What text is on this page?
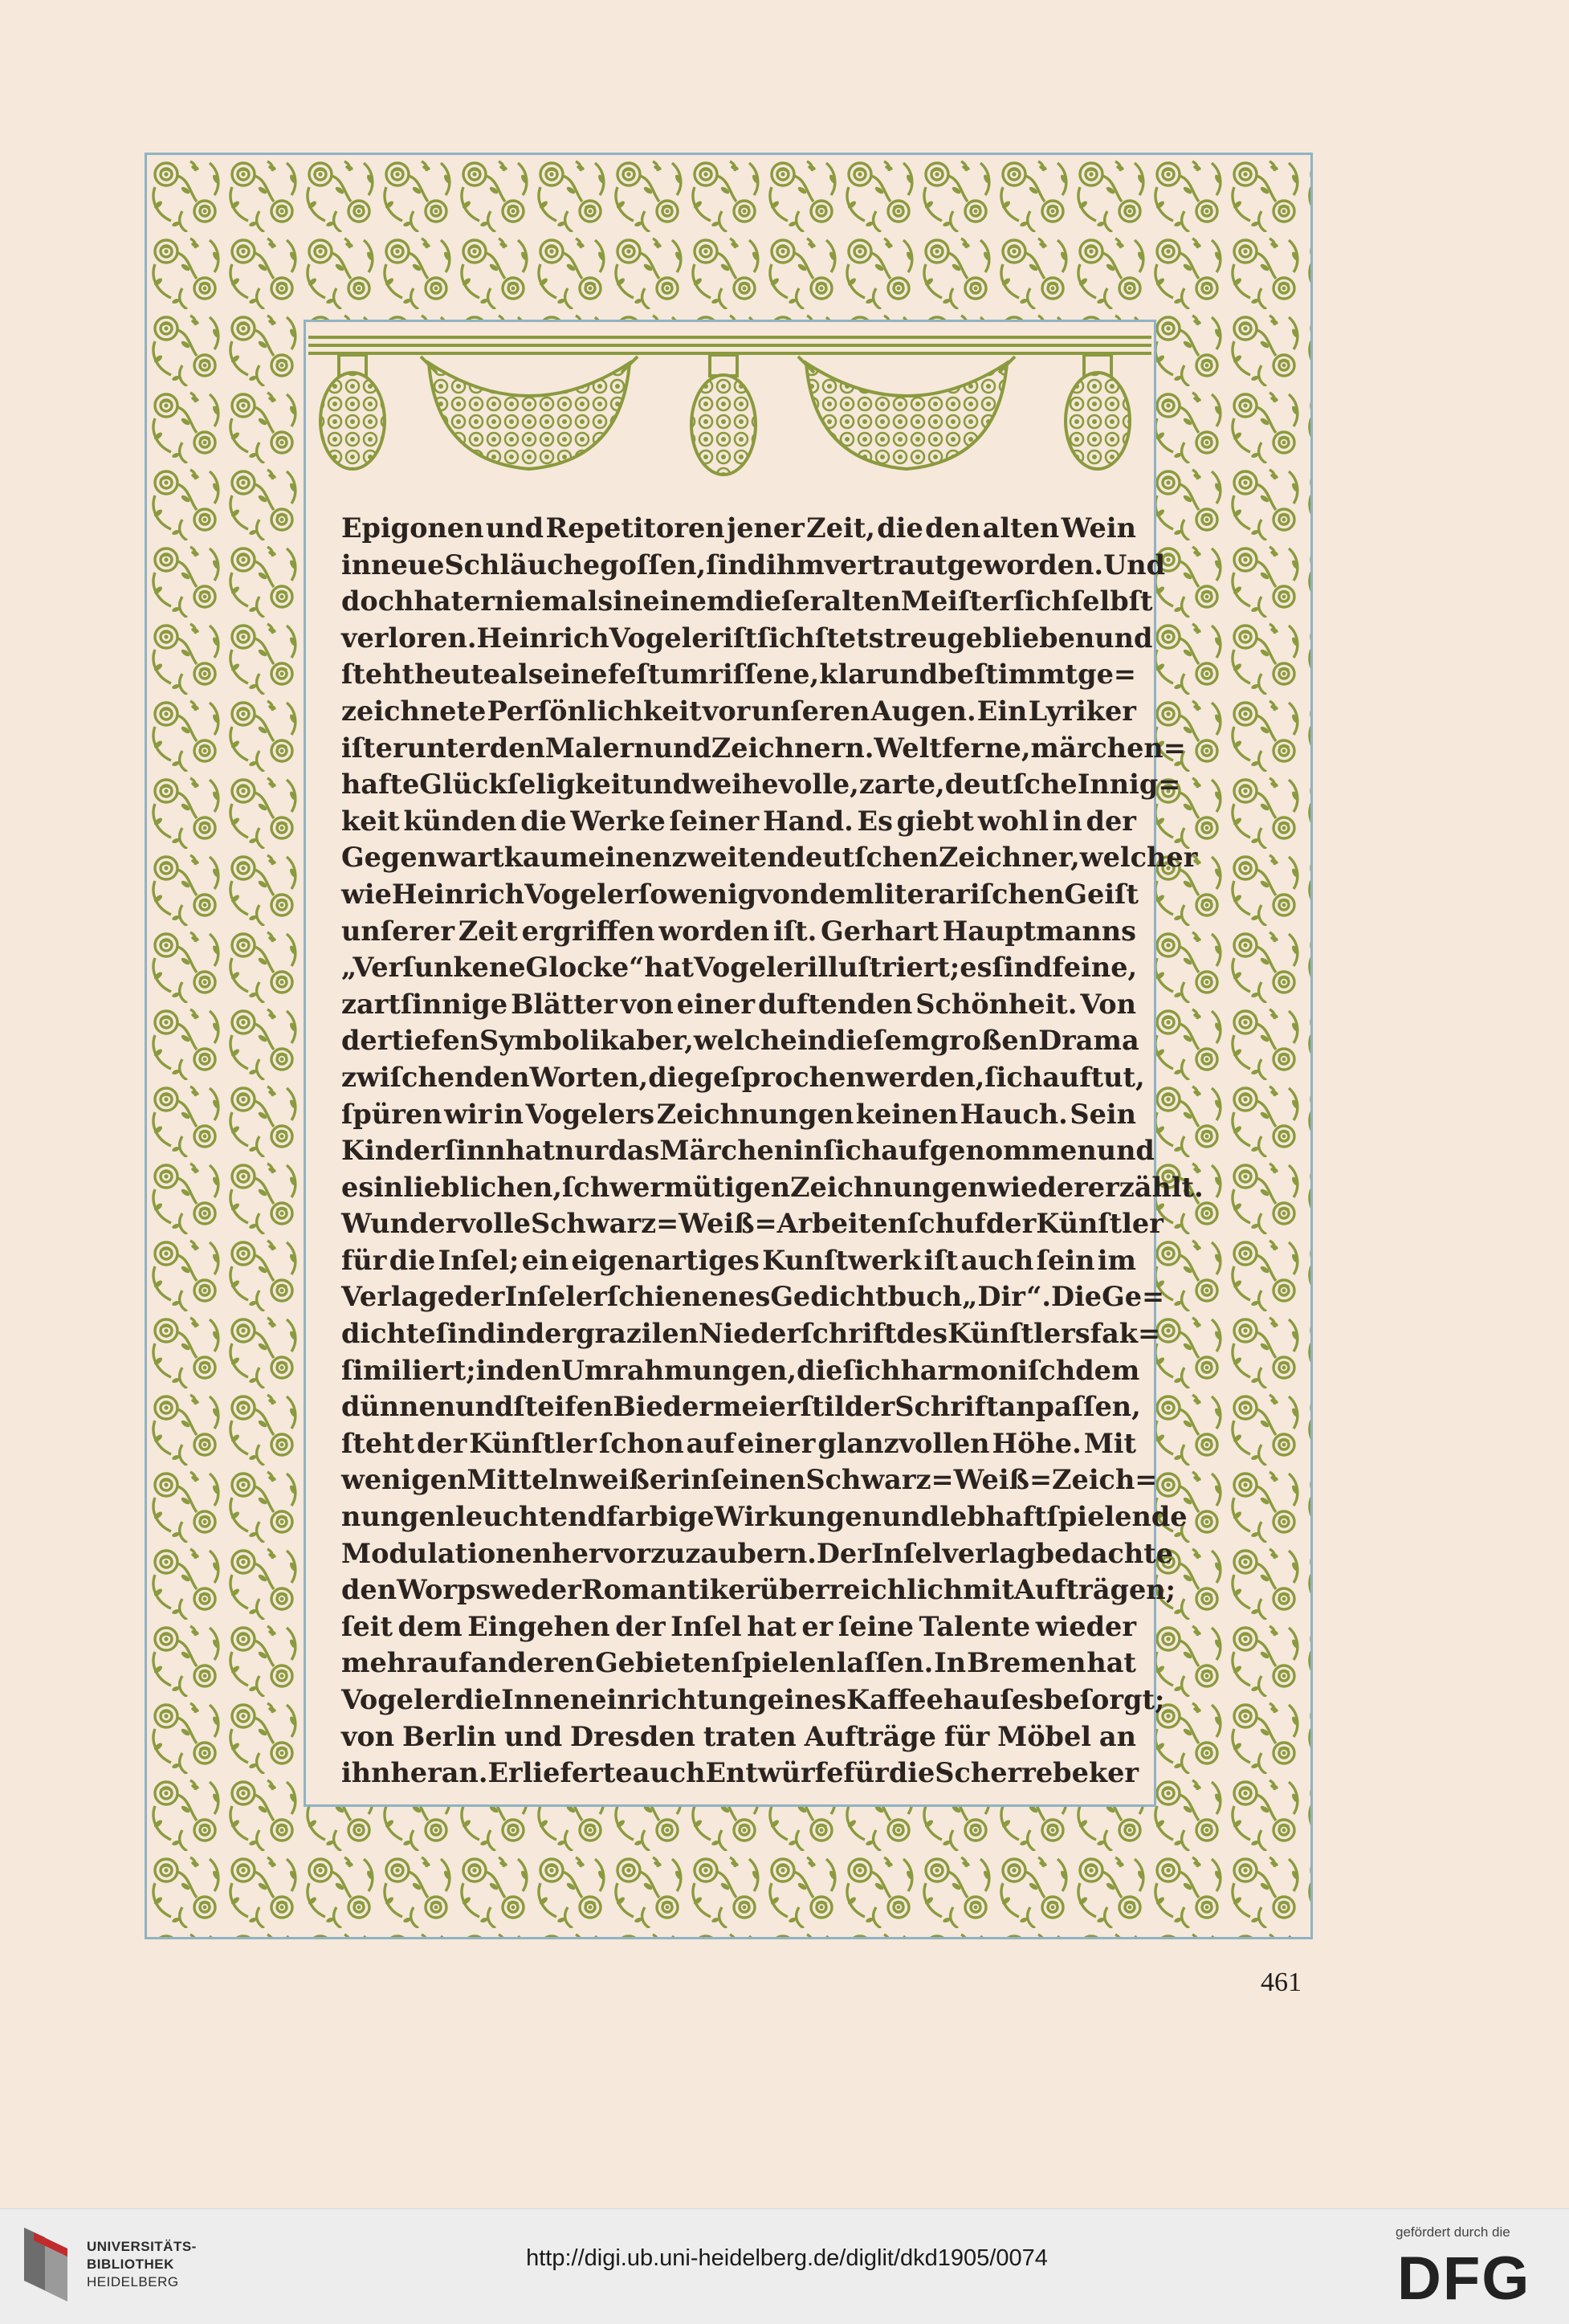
Epigonen und Repetitoren jener Zeit, die den alten Wein
in neue Schläuche goſſen, ſind ihm vertraut geworden. Und
doch hat er niemals in einem dieſer alten Meiſter ſich ſelbſt
verloren. Heinrich Vogeler iſt ſich ſtets treu geblieben und
ſteht heute als eine feſt umriſſene, klar und beſtimmt ge=
zeichnete Perſönlichkeit vor unſeren Augen. Ein Lyriker
iſt er unter den Malern und Zeichnern. Weltferne, märchen=
hafte Glückſeligkeit und weihevolle, zarte, deutſche Innig=
keit künden die Werke ſeiner Hand. Es giebt wohl in der
Gegenwart kaum einen zweiten deutſchen Zeichner, welcher
wie Heinrich Vogeler ſo wenig von dem literariſchen Geiſt
unſerer Zeit ergriffen worden iſt. Gerhart Hauptmanns
„Verſunkene Glocke“ hat Vogeler illuſtriert; es ſind feine,
zartſinnige Blätter von einer duftenden Schönheit. Von
der tiefen Symbolik aber, welche in dieſem großen Drama
zwiſchen den Worten, die geſprochen werden, ſich auftut,
ſpüren wir in Vogelers Zeichnungen keinen Hauch. Sein
Kinderſinn hat nur das Märchen in ſich aufgenommen und
es in lieblichen, ſchwermütigen Zeichnungen wiedererzählt.
Wundervolle Schwarz=Weiß=Arbeiten ſchuf der Künſtler
für die Inſel; ein eigenartiges Kunſtwerk iſt auch ſein im
Verlage der Inſel erſchienenes Gedichtbuch „Dir“. Die Ge=
dichte ſind in der grazilen Niederſchrift des Künſtlers fak=
ſimiliert; in den Umrahmungen, die ſich harmoniſch dem
dünnen und ſteifen Biedermeierſtil der Schrift anpaſſen,
ſteht der Künſtler ſchon auf einer glanzvollen Höhe. Mit
wenigen Mitteln weiß er in ſeinen Schwarz=Weiß=Zeich=
nungen leuchtend farbige Wirkungen und lebhaft ſpielende
Modulationen hervorzuzaubern. Der Inſelverlag bedachte
den Worpsweder Romantiker überreichlich mit Aufträgen;
ſeit dem Eingehen der Inſel hat er ſeine Talente wieder
mehr auf anderen Gebieten ſpielen laſſen. In Bremen hat
Vogeler die Inneneinrichtung eines Kaffeehauſes beſorgt;
von Berlin und Dresden traten Aufträge für Möbel an
ihn heran. Er lieferte auch Entwürfe für die Scherrebeker
461
UNIVERSITÄTS-
BIBLIOTHEK
HEIDELBERG
http://digi.ub.uni-heidelberg.de/diglit/dkd1905/0074
gefördert durch die
DFG
